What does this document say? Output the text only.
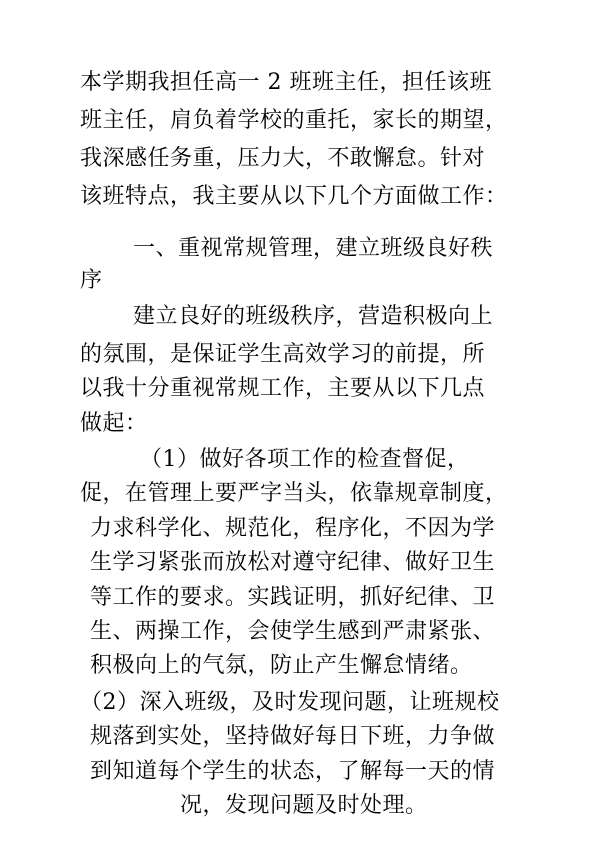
本学期我担任高一 2 班班主任，担任该班
班主任，肩负着学校的重托，家长的期望，
我深感任务重，压力大，不敢懈怠。针对
该班特点，我主要从以下几个方面做工作：
一、重视常规管理，建立班级良好秩
序
建立良好的班级秩序，营造积极向上
的氛围，是保证学生高效学习的前提，所
以我十分重视常规工作，主要从以下几点
做起：
（1）做好各项工作的检查督促，
促，在管理上要严字当头，依靠规章制度，
力求科学化、规范化，程序化，不因为学
生学习紧张而放松对遵守纪律、做好卫生
等工作的要求。实践证明，抓好纪律、卫
生、两操工作，会使学生感到严肃紧张、
积极向上的气氛，防止产生懈怠情绪。
（2）深入班级，及时发现问题，让班规校
规落到实处，坚持做好每日下班，力争做
到知道每个学生的状态，了解每一天的情
况，发现问题及时处理。
